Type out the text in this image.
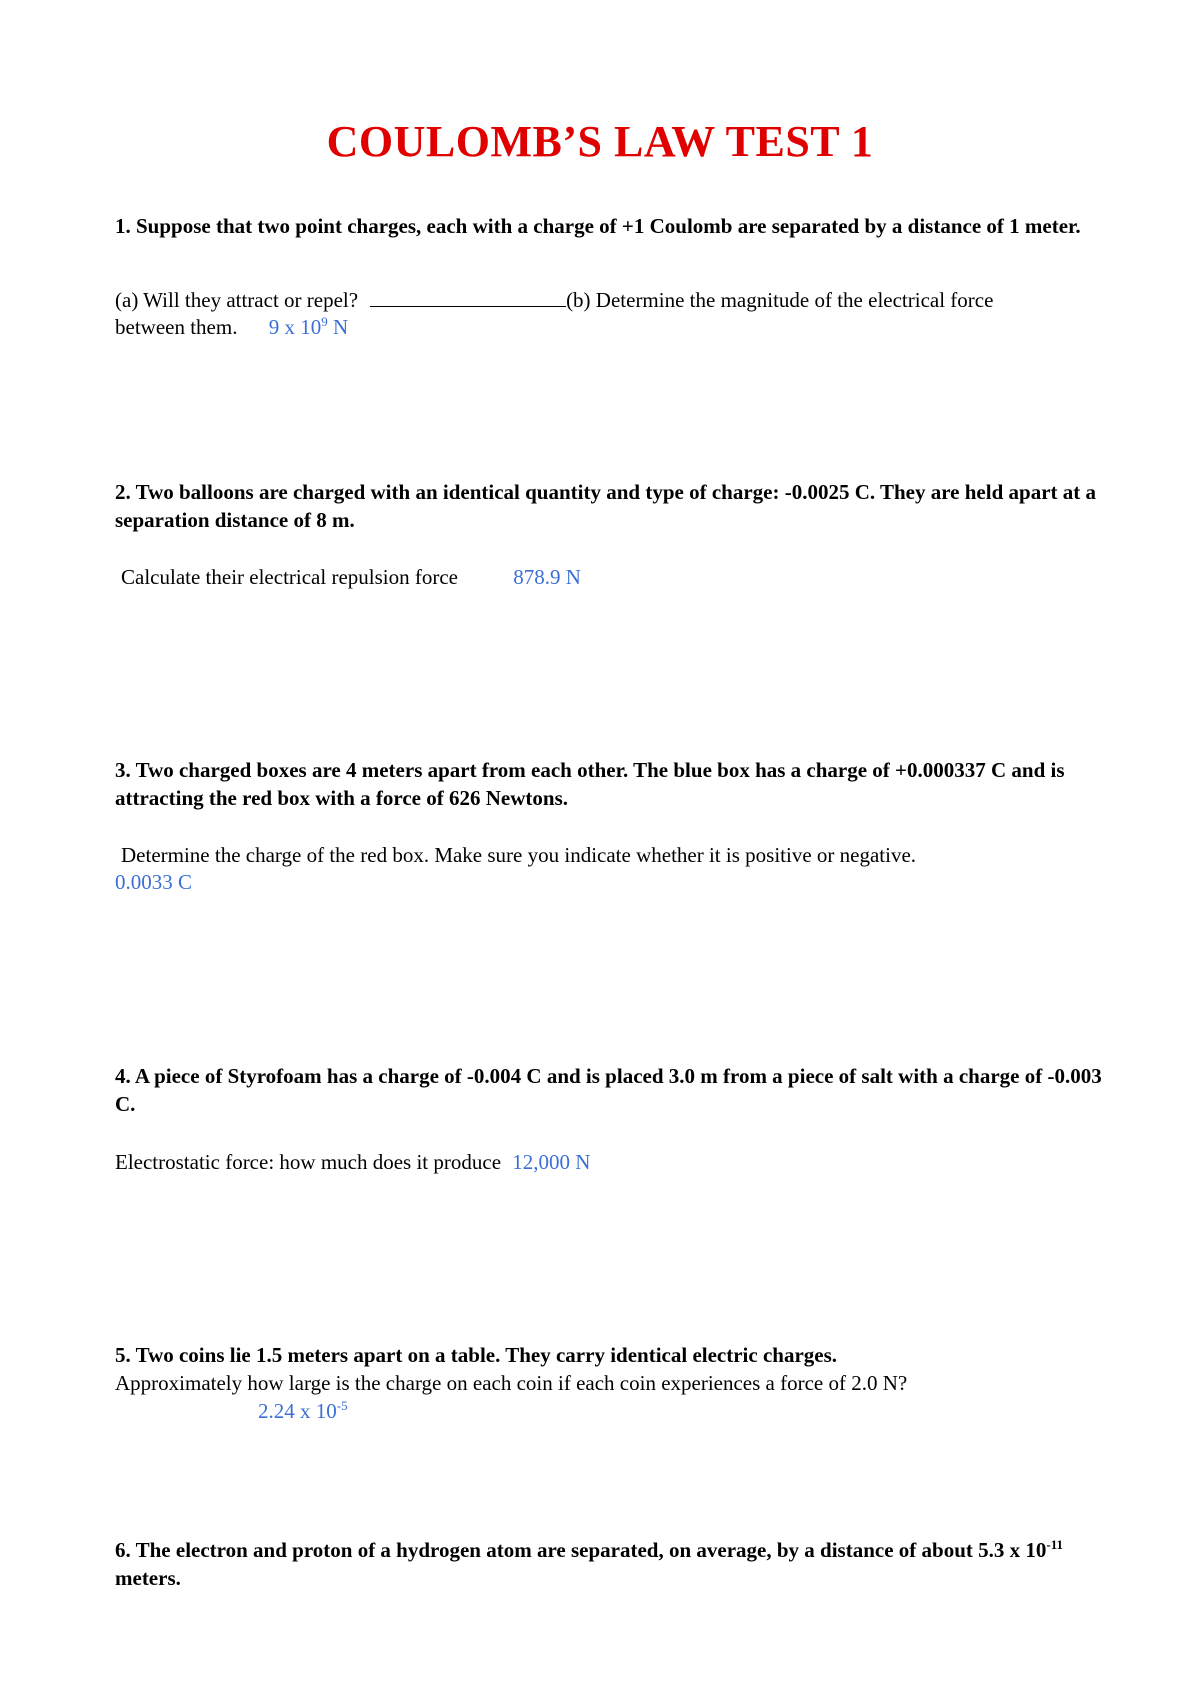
COULOMB’S LAW TEST 1

1. Suppose that two point charges, each with a charge of +1 Coulomb are separated by a distance of 1 meter.

(a) Will they attract or repel?	(b) Determine the magnitude of the electrical force

between them. 9 x $10^9$ N

2. Two balloons are charged with an identical quantity and type of charge: -0.0025 C. They are held apart at a separation distance of 8 m.

Calculate their electrical repulsion force	878.9 N

3. Two charged boxes are 4 meters apart from each other. The blue box has a charge of +0.000337 C and is attracting the red box with a force of 626 Newtons.

Determine the charge of the red box. Make sure you indicate whether it is positive or negative.

0.0033 C

4. A piece of Styrofoam has a charge of -0.004 C and is placed 3.0 m from a piece of salt with a charge of -0.003 C.

Electrostatic force: how much does it produce 12,000 N

5. Two coins lie 1.5 meters apart on a table. They carry identical electric charges.

Approximately how large is the charge on each coin if each coin experiences a force of 2.0 N?

2.24 x $10^{-5}$

6. The electron and proton of a hydrogen atom are separated, on average, by a distance of about 5.3 x $10^{-11}$ meters.
